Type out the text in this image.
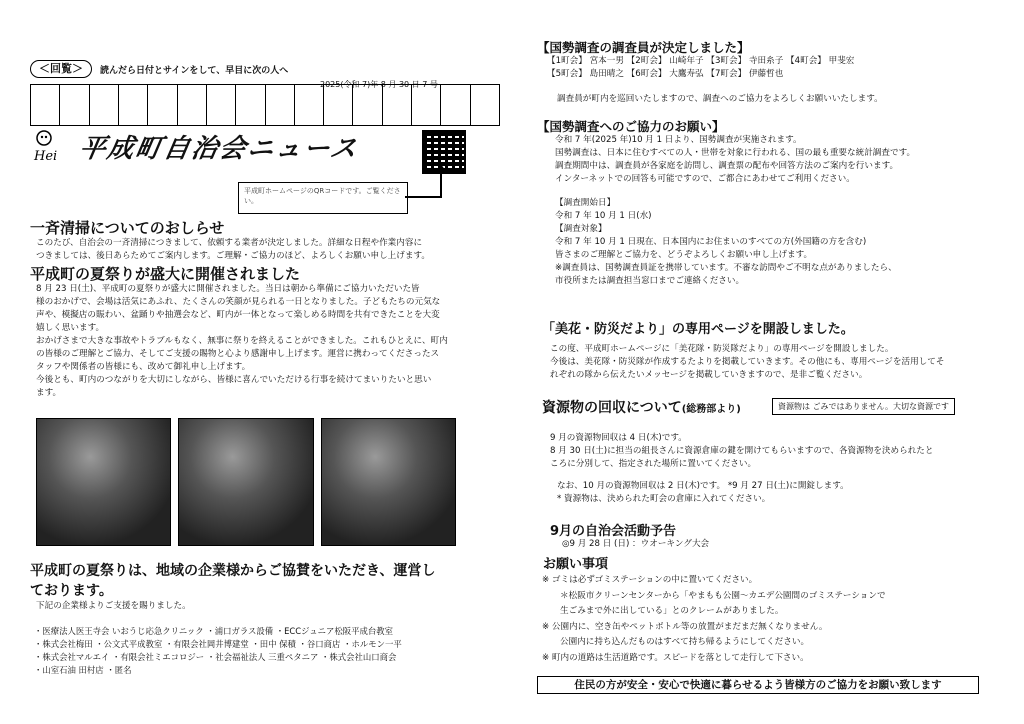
＜回覧＞	読んだら日付とサインをして、早目に次の人へ
2025(令和 7)年 8 月 30 日 7 号
Hei 平成町自治会ニュース
平成町ホームページのQRコードです。ご覧ください。
一斉清掃についてのおしらせ
このたび、自治会の一斉清掃につきまして、依頼する業者が決定しました。詳細な日程や作業内容に
つきましては、後日あらためてご案内します。ご理解・ご協力のほど、よろしくお願い申し上げます。
平成町の夏祭りが盛大に開催されました
8 月 23 日(土)、平成町の夏祭りが盛大に開催されました。当日は朝から準備にご協力いただいた皆
様のおかげで、会場は活気にあふれ、たくさんの笑顔が見られる一日となりました。子どもたちの元気な
声や、模擬店の賑わい、盆踊りや抽選会など、町内が一体となって楽しめる時間を共有できたことを大変
嬉しく思います。
おかげさまで大きな事故やトラブルもなく、無事に祭りを終えることができました。これもひとえに、町内
の皆様のご理解とご協力、そしてご支援の賜物と心より感謝申し上げます。運営に携わってくださったス
タッフや関係者の皆様にも、改めて御礼申し上げます。
今後とも、町内のつながりを大切にしながら、皆様に喜んでいただける行事を続けてまいりたいと思い
ます。
平成町の夏祭りは、地域の企業様からご協賛をいただき、運営し
ております。
下記の企業様よりご支援を賜りました。
・医療法人医王寺会 いおうじ応急クリニック ・浦口ガラス設備 ・ECCジュニア松阪平成台教室
・株式会社梅田 ・公文式平成教室 ・有限会社岡井博建堂 ・田中 保積 ・谷口商店 ・ホルモン一平
・株式会社マルエイ ・有限会社ミエコロジー ・社会福祉法人 三重ペタニア ・株式会社山口商会
・山室石油 田村店 ・匿名
【国勢調査の調査員が決定しました】
【1町会】 宮本一男 【2町会】 山崎年子 【3町会】 寺田糸子 【4町会】 甲斐宏
【5町会】 島田晴之 【6町会】 大鷹寿弘 【7町会】 伊藤哲也
調査員が町内を巡回いたしますので、調査へのご協力をよろしくお願いいたします。
【国勢調査へのご協力のお願い】
令和 7 年(2025 年)10 月 1 日より、国勢調査が実施されます。
国勢調査は、日本に住むすべての人・世帯を対象に行われる、国の最も重要な統計調査です。
調査期間中は、調査員が各家庭を訪問し、調査票の配布や回答方法のご案内を行います。
インターネットでの回答も可能ですので、ご都合にあわせてご利用ください。
【調査開始日】
令和 7 年 10 月 1 日(水)
【調査対象】
令和 7 年 10 月 1 日現在、日本国内にお住まいのすべての方(外国籍の方を含む)
皆さまのご理解とご協力を、どうぞよろしくお願い申し上げます。
※調査員は、国勢調査員証を携帯しています。不審な訪問やご不明な点がありましたら、
市役所または調査担当窓口までご連絡ください。
「美花・防災だより」の専用ページを開設しました。
この度、平成町ホームページに「美花隊・防災隊だより」の専用ページを開設しました。
今後は、美花隊・防災隊が作成するたよりを掲載していきます。その他にも、専用ページを活用してそ
れぞれの隊から伝えたいメッセージを掲載していきますので、是非ご覧ください。
資源物の回収について(総務部より)	資源物は ごみではありません。大切な資源です
9 月の資源物回収は 4 日(木)です。
8 月 30 日(土)に担当の組長さんに資源倉庫の鍵を開けてもらいますので、各資源物を決められたと
ころに分別して、指定された場所に置いてください。
なお、10 月の資源物回収は 2 日(木)です。 *9 月 27 日(土)に開錠します。
* 資源物は、決められた町会の倉庫に入れてください。
9月の自治会活動予告
◎9 月 28 日 (日) ：ウオーキング大会
お願い事項
※ ゴミは必ずゴミステーションの中に置いてください。
＊松阪市クリーンセンターから「やまもも公園～カエデ公園間のゴミステーションで
生ごみまで外に出している」とのクレームがありました。
※ 公園内に、空き缶やペットボトル等の放置がまだまだ無くなりません。
公園内に持ち込んだものはすべて持ち帰るようにしてください。
※ 町内の道路は生活道路です。スピードを落として走行して下さい。
住民の方が安全・安心で快適に暮らせるよう皆様方のご協力をお願い致します
